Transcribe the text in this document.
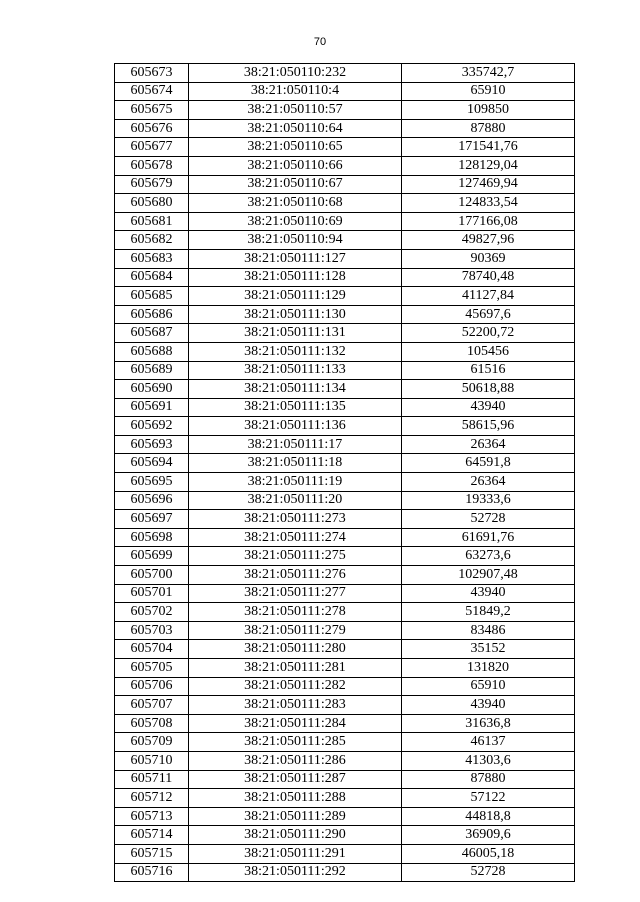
70
605673	38:21:050110:232	335742,7
605674	38:21:050110:4	65910
605675	38:21:050110:57	109850
605676	38:21:050110:64	87880
605677	38:21:050110:65	171541,76
605678	38:21:050110:66	128129,04
605679	38:21:050110:67	127469,94
605680	38:21:050110:68	124833,54
605681	38:21:050110:69	177166,08
605682	38:21:050110:94	49827,96
605683	38:21:050111:127	90369
605684	38:21:050111:128	78740,48
605685	38:21:050111:129	41127,84
605686	38:21:050111:130	45697,6
605687	38:21:050111:131	52200,72
605688	38:21:050111:132	105456
605689	38:21:050111:133	61516
605690	38:21:050111:134	50618,88
605691	38:21:050111:135	43940
605692	38:21:050111:136	58615,96
605693	38:21:050111:17	26364
605694	38:21:050111:18	64591,8
605695	38:21:050111:19	26364
605696	38:21:050111:20	19333,6
605697	38:21:050111:273	52728
605698	38:21:050111:274	61691,76
605699	38:21:050111:275	63273,6
605700	38:21:050111:276	102907,48
605701	38:21:050111:277	43940
605702	38:21:050111:278	51849,2
605703	38:21:050111:279	83486
605704	38:21:050111:280	35152
605705	38:21:050111:281	131820
605706	38:21:050111:282	65910
605707	38:21:050111:283	43940
605708	38:21:050111:284	31636,8
605709	38:21:050111:285	46137
605710	38:21:050111:286	41303,6
605711	38:21:050111:287	87880
605712	38:21:050111:288	57122
605713	38:21:050111:289	44818,8
605714	38:21:050111:290	36909,6
605715	38:21:050111:291	46005,18
605716	38:21:050111:292	52728
